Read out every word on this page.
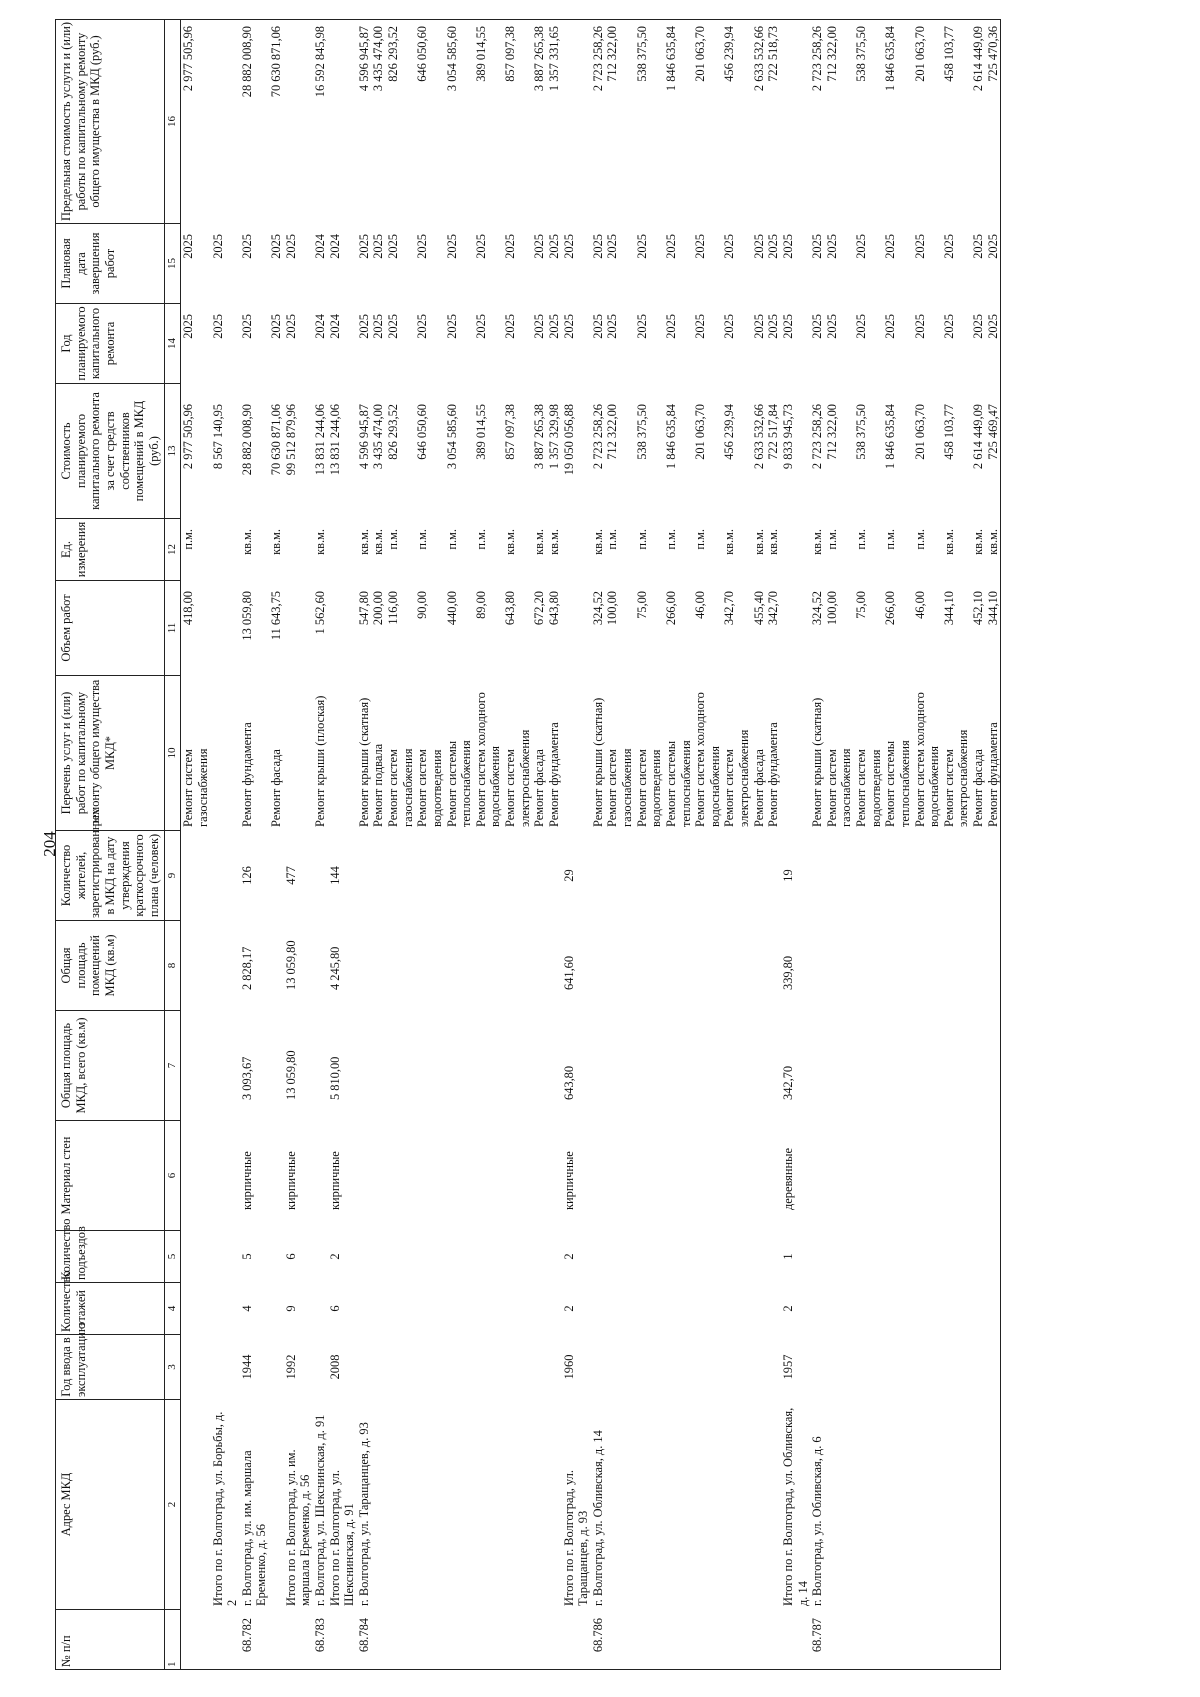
204
№ п/п	Адрес МКД	Год ввода в эксплуатацию	Количество этажей	Количество подъездов	Материал стен	Общая площадь МКД, всего (кв.м)	Общая площадь помещений МКД (кв.м)	Количество жителей, зарегистрированных в МКД на дату утверждения краткосрочного плана (человек)	Перечень услуг и (или) работ по капитальному ремонту общего имущества МКД*	Объем работ	Ед. измерения	Стоимость планируемого капитального ремонта за счет средств собственников помещений в МКД (руб.)	Год планируемого капитального ремонта	Плановая дата завершения работ	Предельная стоимость услуги и (или) работы по капитальному ремонту общего имущества в МКД (руб.)
1	2	3	4	5	6	7	8	9	10	11	12	13	14	15	16
									Ремонт систем газоснабжения	418,00	п.м.	2 977 505,96	2025	2025	2 977 505,96
	Итого по г. Волгоград, ул. Борьбы, д. 2											8 567 140,95	2025	2025	
68.782	г. Волгоград, ул. им. маршала Еременко, д. 56	1944	4	5	кирпичные	3 093,67	2 828,17	126	Ремонт фундамента	13 059,80	кв.м.	28 882 008,90	2025	2025	28 882 008,90
									Ремонт фасада	11 643,75	кв.м.	70 630 871,06	2025	2025	70 630 871,06
	Итого по г. Волгоград, ул. им. маршала Еременко, д. 56	1992	9	6	кирпичные	13 059,80	13 059,80	477				99 512 879,96	2025	2025	
68.783	г. Волгоград, ул. Шекснинская, д. 91								Ремонт крыши (плоская)	1 562,60	кв.м.	13 831 244,06	2024	2024	16 592 845,98
	Итого по г. Волгоград, ул. Шекснинская, д. 91	2008	6	2	кирпичные	5 810,00	4 245,80	144				13 831 244,06	2024	2024	
68.784	г. Волгоград, ул. Таращанцев, д. 93								Ремонт крыши (скатная)	547,80	кв.м.	4 596 945,87	2025	2025	4 596 945,87
									Ремонт подвала	200,00	кв.м.	3 435 474,00	2025	2025	3 435 474,00
									Ремонт систем газоснабжения	116,00	п.м.	826 293,52	2025	2025	826 293,52
									Ремонт систем водоотведения	90,00	п.м.	646 050,60	2025	2025	646 050,60
									Ремонт системы теплоснабжения	440,00	п.м.	3 054 585,60	2025	2025	3 054 585,60
									Ремонт систем холодного водоснабжения	89,00	п.м.	389 014,55	2025	2025	389 014,55
									Ремонт систем электроснабжения	643,80	кв.м.	857 097,38	2025	2025	857 097,38
									Ремонт фасада	672,20	кв.м.	3 887 265,38	2025	2025	3 887 265,38
									Ремонт фундамента	643,80	кв.м.	1 357 329,98	2025	2025	1 357 331,65
	Итого по г. Волгоград, ул. Таращанцев, д. 93	1960	2	2	кирпичные	643,80	641,60	29				19 050 056,88	2025	2025	
68.786	г. Волгоград, ул. Обливская, д. 14								Ремонт крыши (скатная)	324,52	кв.м.	2 723 258,26	2025	2025	2 723 258,26
									Ремонт систем газоснабжения	100,00	п.м.	712 322,00	2025	2025	712 322,00
									Ремонт систем водоотведения	75,00	п.м.	538 375,50	2025	2025	538 375,50
									Ремонт системы теплоснабжения	266,00	п.м.	1 846 635,84	2025	2025	1 846 635,84
									Ремонт систем холодного водоснабжения	46,00	п.м.	201 063,70	2025	2025	201 063,70
									Ремонт систем электроснабжения	342,70	кв.м.	456 239,94	2025	2025	456 239,94
									Ремонт фасада	455,40	кв.м.	2 633 532,66	2025	2025	2 633 532,66
									Ремонт фундамента	342,70	кв.м.	722 517,84	2025	2025	722 518,73
	Итого по г. Волгоград, ул. Обливская, д. 14	1957	2	1	деревянные	342,70	339,80	19				9 833 945,73	2025	2025	
68.787	г. Волгоград, ул. Обливская, д. 6								Ремонт крыши (скатная)	324,52	кв.м.	2 723 258,26	2025	2025	2 723 258,26
									Ремонт систем газоснабжения	100,00	п.м.	712 322,00	2025	2025	712 322,00
									Ремонт систем водоотведения	75,00	п.м.	538 375,50	2025	2025	538 375,50
									Ремонт системы теплоснабжения	266,00	п.м.	1 846 635,84	2025	2025	1 846 635,84
									Ремонт систем холодного водоснабжения	46,00	п.м.	201 063,70	2025	2025	201 063,70
									Ремонт систем электроснабжения	344,10	кв.м.	458 103,77	2025	2025	458 103,77
									Ремонт фасада	452,10	кв.м.	2 614 449,09	2025	2025	2 614 449,09
									Ремонт фундамента	344,10	кв.м.	725 469,47	2025	2025	725 470,36
